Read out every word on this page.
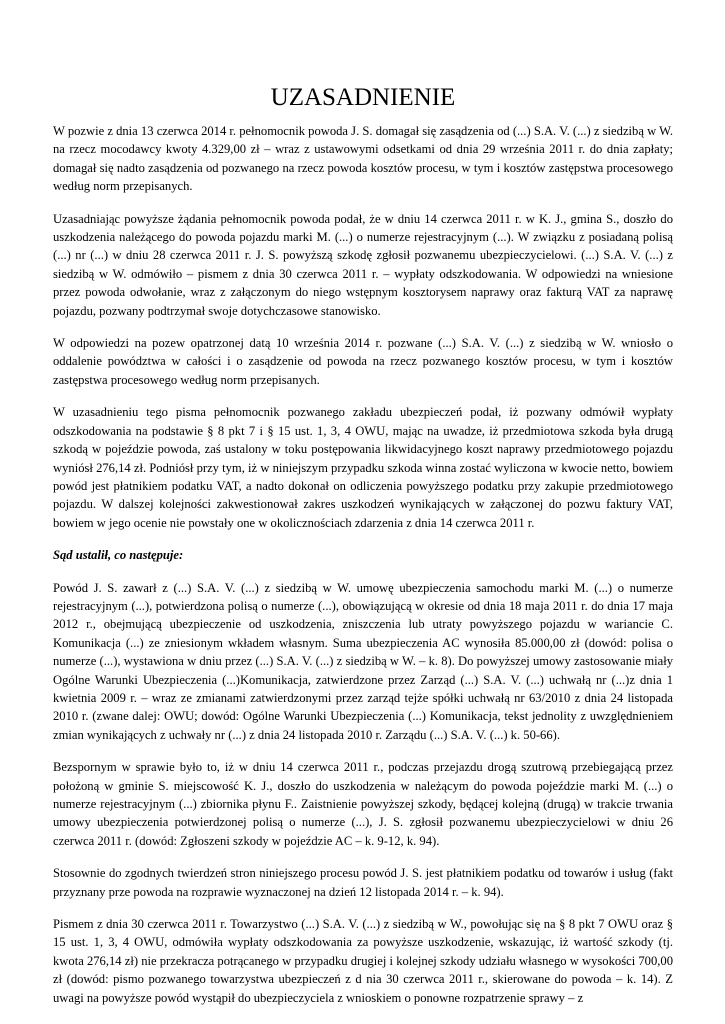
UZASADNIENIE

W pozwie z dnia 13 czerwca 2014 r. pełnomocnik powoda J. S. domagał się zasądzenia od (...) S.A. V. (...) z siedzibą w W. na rzecz mocodawcy kwoty 4.329,00 zł – wraz z ustawowymi odsetkami od dnia 29 września 2011 r. do dnia zapłaty; domagał się nadto zasądzenia od pozwanego na rzecz powoda kosztów procesu, w tym i kosztów zastępstwa procesowego według norm przepisanych.

Uzasadniając powyższe żądania pełnomocnik powoda podał, że w dniu 14 czerwca 2011 r. w K. J., gmina S., doszło do uszkodzenia należącego do powoda pojazdu marki M. (...) o numerze rejestracyjnym (...). W związku z posiadaną polisą (...) nr (...) w dniu 28 czerwca 2011 r. J. S. powyższą szkodę zgłosił pozwanemu ubezpieczycielowi. (...) S.A. V. (...) z siedzibą w W. odmówiło – pismem z dnia 30 czerwca 2011 r. – wypłaty odszkodowania. W odpowiedzi na wniesione przez powoda odwołanie, wraz z załączonym do niego wstępnym kosztorysem naprawy oraz fakturą VAT za naprawę pojazdu, pozwany podtrzymał swoje dotychczasowe stanowisko.

W odpowiedzi na pozew opatrzonej datą 10 września 2014 r. pozwane (...) S.A. V. (...) z siedzibą w W. wniosło o oddalenie powództwa w całości i o zasądzenie od powoda na rzecz pozwanego kosztów procesu, w tym i kosztów zastępstwa procesowego według norm przepisanych.

W uzasadnieniu tego pisma pełnomocnik pozwanego zakładu ubezpieczeń podał, iż pozwany odmówił wypłaty odszkodowania na podstawie § 8 pkt 7 i § 15 ust. 1, 3, 4 OWU, mając na uwadze, iż przedmiotowa szkoda była drugą szkodą w pojeździe powoda, zaś ustalony w toku postępowania likwidacyjnego koszt naprawy przedmiotowego pojazdu wyniósł 276,14 zł. Podniósł przy tym, iż w niniejszym przypadku szkoda winna zostać wyliczona w kwocie netto, bowiem powód jest płatnikiem podatku VAT, a nadto dokonał on odliczenia powyższego podatku przy zakupie przedmiotowego pojazdu. W dalszej kolejności zakwestionował zakres uszkodzeń wynikających w załączonej do pozwu faktury VAT, bowiem w jego ocenie nie powstały one w okolicznościach zdarzenia z dnia 14 czerwca 2011 r.

Sąd ustalił, co następuje:

Powód J. S. zawarł z (...) S.A. V. (...) z siedzibą w W. umowę ubezpieczenia samochodu marki M. (...) o numerze rejestracyjnym (...), potwierdzona polisą o numerze (...), obowiązującą w okresie od dnia 18 maja 2011 r. do dnia 17 maja 2012 r., obejmującą ubezpieczenie od uszkodzenia, zniszczenia lub utraty powyższego pojazdu w wariancie C. Komunikacja (...) ze zniesionym wkładem własnym. Suma ubezpieczenia AC wynosiła 85.000,00 zł (dowód: polisa o numerze (...), wystawiona w dniu przez (...) S.A. V. (...) z siedzibą w W. – k. 8). Do powyższej umowy zastosowanie miały Ogólne Warunki Ubezpieczenia (...)Komunikacja, zatwierdzone przez Zarząd (...) S.A. V. (...) uchwałą nr (...)z dnia 1 kwietnia 2009 r. – wraz ze zmianami zatwierdzonymi przez zarząd tejże spółki uchwałą nr 63/2010 z dnia 24 listopada 2010 r. (zwane dalej: OWU; dowód: Ogólne Warunki Ubezpieczenia (...) Komunikacja, tekst jednolity z uwzględnieniem zmian wynikających z uchwały nr (...) z dnia 24 listopada 2010 r. Zarządu (...) S.A. V. (...) k. 50-66).

Bezspornym w sprawie było to, iż w dniu 14 czerwca 2011 r., podczas przejazdu drogą szutrową przebiegającą przez położoną w gminie S. miejscowość K. J., doszło do uszkodzenia w należącym do powoda pojeździe marki M. (...) o numerze rejestracyjnym (...) zbiornika płynu F.. Zaistnienie powyższej szkody, będącej kolejną (drugą) w trakcie trwania umowy ubezpieczenia potwierdzonej polisą o numerze (...), J. S. zgłosił pozwanemu ubezpieczycielowi w dniu 26 czerwca 2011 r. (dowód: Zgłoszeni szkody w pojeździe AC – k. 9-12, k. 94).

Stosownie do zgodnych twierdzeń stron niniejszego procesu powód J. S. jest płatnikiem podatku od towarów i usług (fakt przyznany prze powoda na rozprawie wyznaczonej na dzień 12 listopada 2014 r. – k. 94).

Pismem z dnia 30 czerwca 2011 r. Towarzystwo (...) S.A. V. (...) z siedzibą w W., powołując się na § 8 pkt 7 OWU oraz § 15 ust. 1, 3, 4 OWU, odmówiła wypłaty odszkodowania za powyższe uszkodzenie, wskazując, iż wartość szkody (tj. kwota 276,14 zł) nie przekracza potrącanego w przypadku drugiej i kolejnej szkody udziału własnego w wysokości 700,00 zł (dowód: pismo pozwanego towarzystwa ubezpieczeń z d nia 30 czerwca 2011 r., skierowane do powoda – k. 14). Z uwagi na powyższe powód wystąpił do ubezpieczyciela z wnioskiem o ponowne rozpatrzenie sprawy – z
